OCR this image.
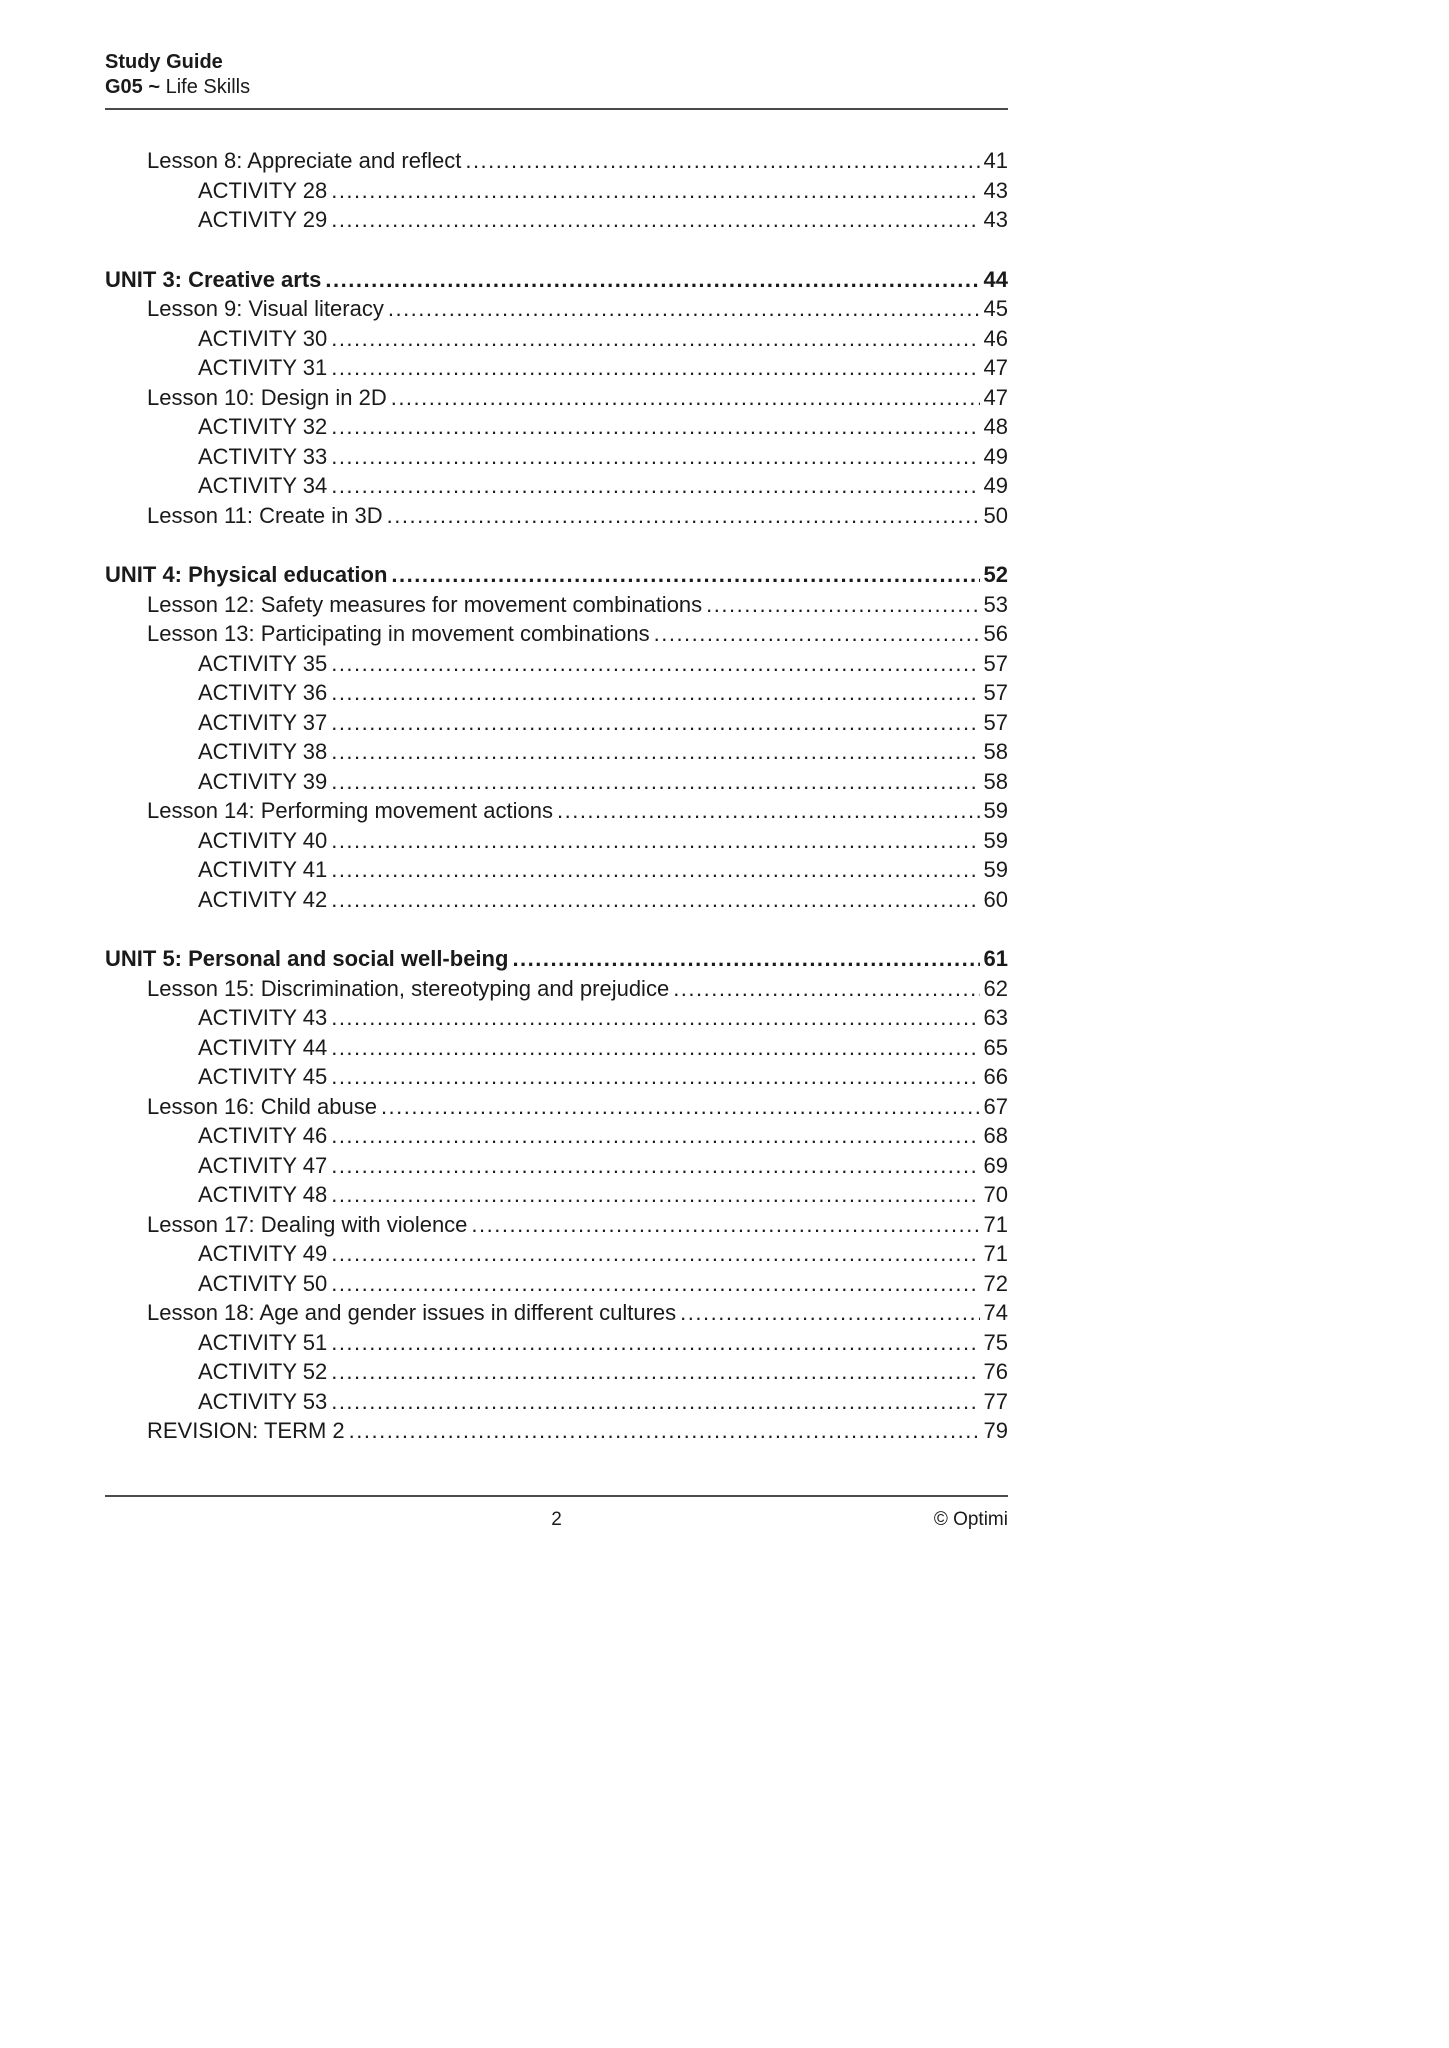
Study Guide
G05 ~ Life Skills
Lesson 8: Appreciate and reflect .....	41
ACTIVITY 28 .....	43
ACTIVITY 29 .....	43
UNIT 3: Creative arts .....	44
Lesson 9: Visual literacy .....	45
ACTIVITY 30 .....	46
ACTIVITY 31 .....	47
Lesson 10: Design in 2D .....	47
ACTIVITY 32 .....	48
ACTIVITY 33 .....	49
ACTIVITY 34 .....	49
Lesson 11: Create in 3D .....	50
UNIT 4: Physical education .....	52
Lesson 12: Safety measures for movement combinations .....	53
Lesson 13: Participating in movement combinations .....	56
ACTIVITY 35 .....	57
ACTIVITY 36 .....	57
ACTIVITY 37 .....	57
ACTIVITY 38 .....	58
ACTIVITY 39 .....	58
Lesson 14: Performing movement actions .....	59
ACTIVITY 40 .....	59
ACTIVITY 41 .....	59
ACTIVITY 42 .....	60
UNIT 5: Personal and social well-being .....	61
Lesson 15: Discrimination, stereotyping and prejudice .....	62
ACTIVITY 43 .....	63
ACTIVITY 44 .....	65
ACTIVITY 45 .....	66
Lesson 16: Child abuse .....	67
ACTIVITY 46 .....	68
ACTIVITY 47 .....	69
ACTIVITY 48 .....	70
Lesson 17: Dealing with violence .....	71
ACTIVITY 49 .....	71
ACTIVITY 50 .....	72
Lesson 18: Age and gender issues in different cultures .....	74
ACTIVITY 51 .....	75
ACTIVITY 52 .....	76
ACTIVITY 53 .....	77
REVISION: TERM 2 .....	79
2	© Optimi
